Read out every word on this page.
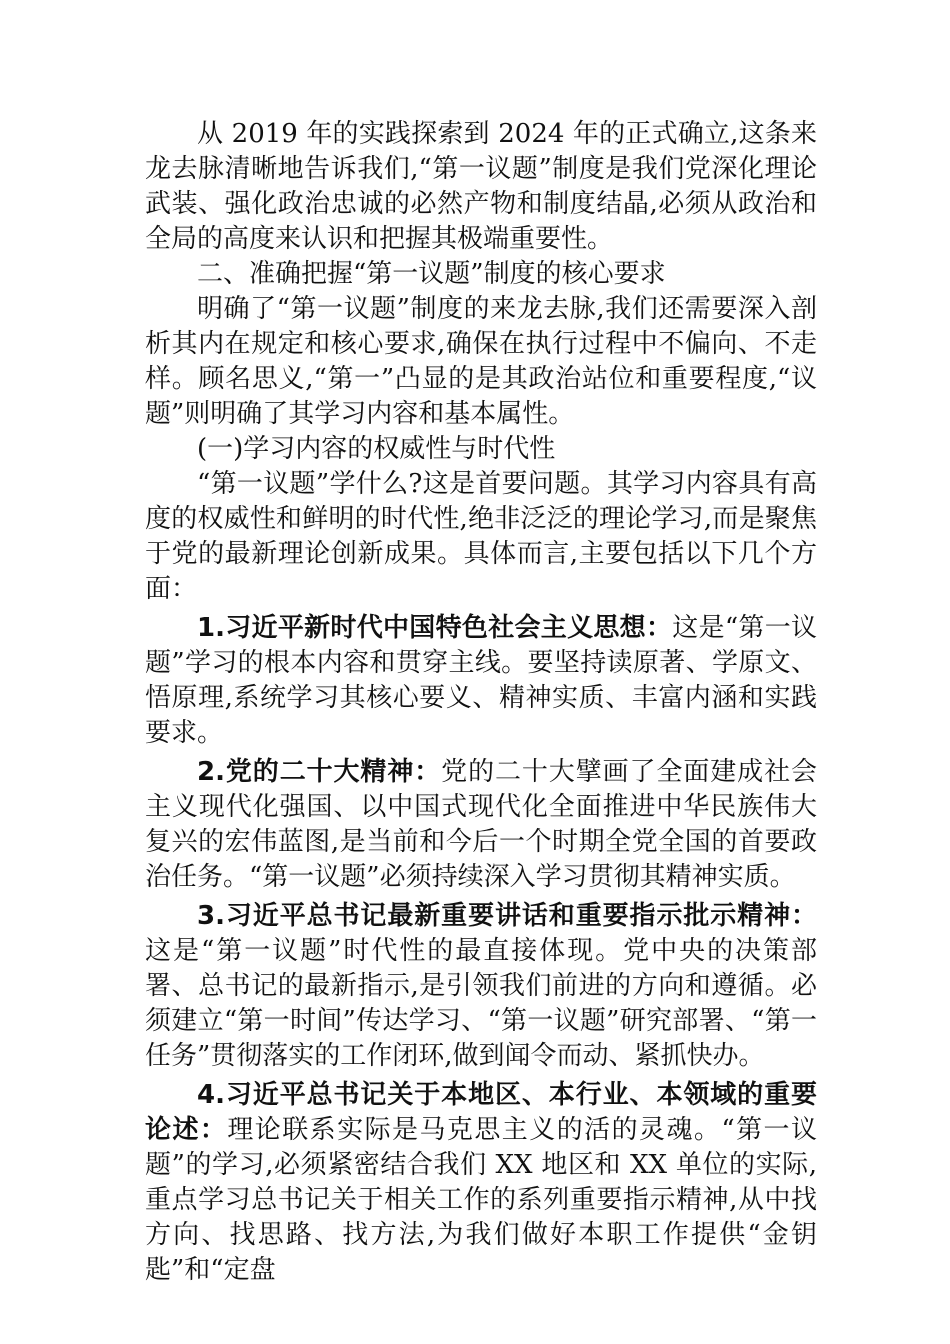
从 2019 年的实践探索到 2024 年的正式确立,这条来龙去脉清晰地告诉我们,“第一议题”制度是我们党深化理论武装、强化政治忠诚的必然产物和制度结晶,必须从政治和全局的高度来认识和把握其极端重要性。

二、准确把握“第一议题”制度的核心要求

明确了“第一议题”制度的来龙去脉,我们还需要深入剖析其内在规定和核心要求,确保在执行过程中不偏向、不走样。顾名思义,“第一”凸显的是其政治站位和重要程度,“议题”则明确了其学习内容和基本属性。

(一)学习内容的权威性与时代性

“第一议题”学什么?这是首要问题。其学习内容具有高度的权威性和鲜明的时代性,绝非泛泛的理论学习,而是聚焦于党的最新理论创新成果。具体而言,主要包括以下几个方面：

1.习近平新时代中国特色社会主义思想：这是“第一议题”学习的根本内容和贯穿主线。要坚持读原著、学原文、悟原理,系统学习其核心要义、精神实质、丰富内涵和实践要求。

2.党的二十大精神：党的二十大擘画了全面建成社会主义现代化强国、以中国式现代化全面推进中华民族伟大复兴的宏伟蓝图,是当前和今后一个时期全党全国的首要政治任务。“第一议题”必须持续深入学习贯彻其精神实质。

3.习近平总书记最新重要讲话和重要指示批示精神：这是“第一议题”时代性的最直接体现。党中央的决策部署、总书记的最新指示,是引领我们前进的方向和遵循。必须建立“第一时间”传达学习、“第一议题”研究部署、“第一任务”贯彻落实的工作闭环,做到闻令而动、紧抓快办。

4.习近平总书记关于本地区、本行业、本领域的重要论述：理论联系实际是马克思主义的活的灵魂。“第一议题”的学习,必须紧密结合我们 XX 地区和 XX 单位的实际,重点学习总书记关于相关工作的系列重要指示精神,从中找方向、找思路、找方法,为我们做好本职工作提供“金钥匙”和“定盘
